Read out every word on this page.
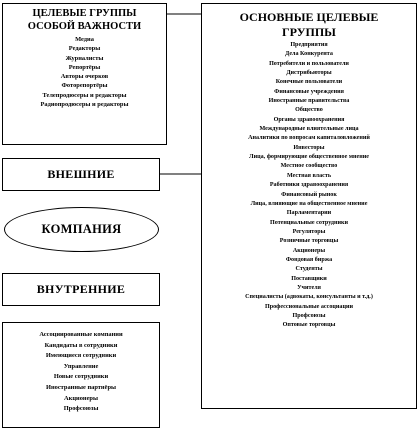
ЦЕЛЕВЫЕ ГРУППЫ ОСОБОЙ ВАЖНОСТИ
Медиа
Редакторы
Журналисты
Репортёры
Авторы очерков
Фоторепортёры
Телепродюсеры и редакторы
Радиопродюсеры и редакторы
ВНЕШНИЕ
КОМПАНИЯ
ВНУТРЕННИЕ
Ассоциированные компании
Кандидаты в сотрудники
Имеющиеся сотрудники
Управление
Новые сотрудники
Иностранные партнёры
Акционеры
Профсоюзы
ОСНОВНЫЕ ЦЕЛЕВЫЕ ГРУППЫ
Предприятия
Дела Конкурента
Потребители и пользователи
Дистрибьюторы
Конечные пользователи
Финансовые учреждения
Иностранные правительства
Общество
Органы здравоохранения
Международные влиятельные лица
Аналитики по вопросам капиталовложений
Инвесторы
Лица, формирующие общественное мнение
Местное сообщество
Местная власть
Работники здравоохранения
Финансовый рынок
Лица, влияющие на общественное мнение
Парламентарии
Потенциальные сотрудники
Регуляторы
Розничные торговцы
Акционеры
Фондовая биржа
Студенты
Поставщики
Учителя
Специалисты (адвокаты, консультанты и т.д.)
Профессиональные ассоциации
Профсоюзы
Оптовые торговцы
